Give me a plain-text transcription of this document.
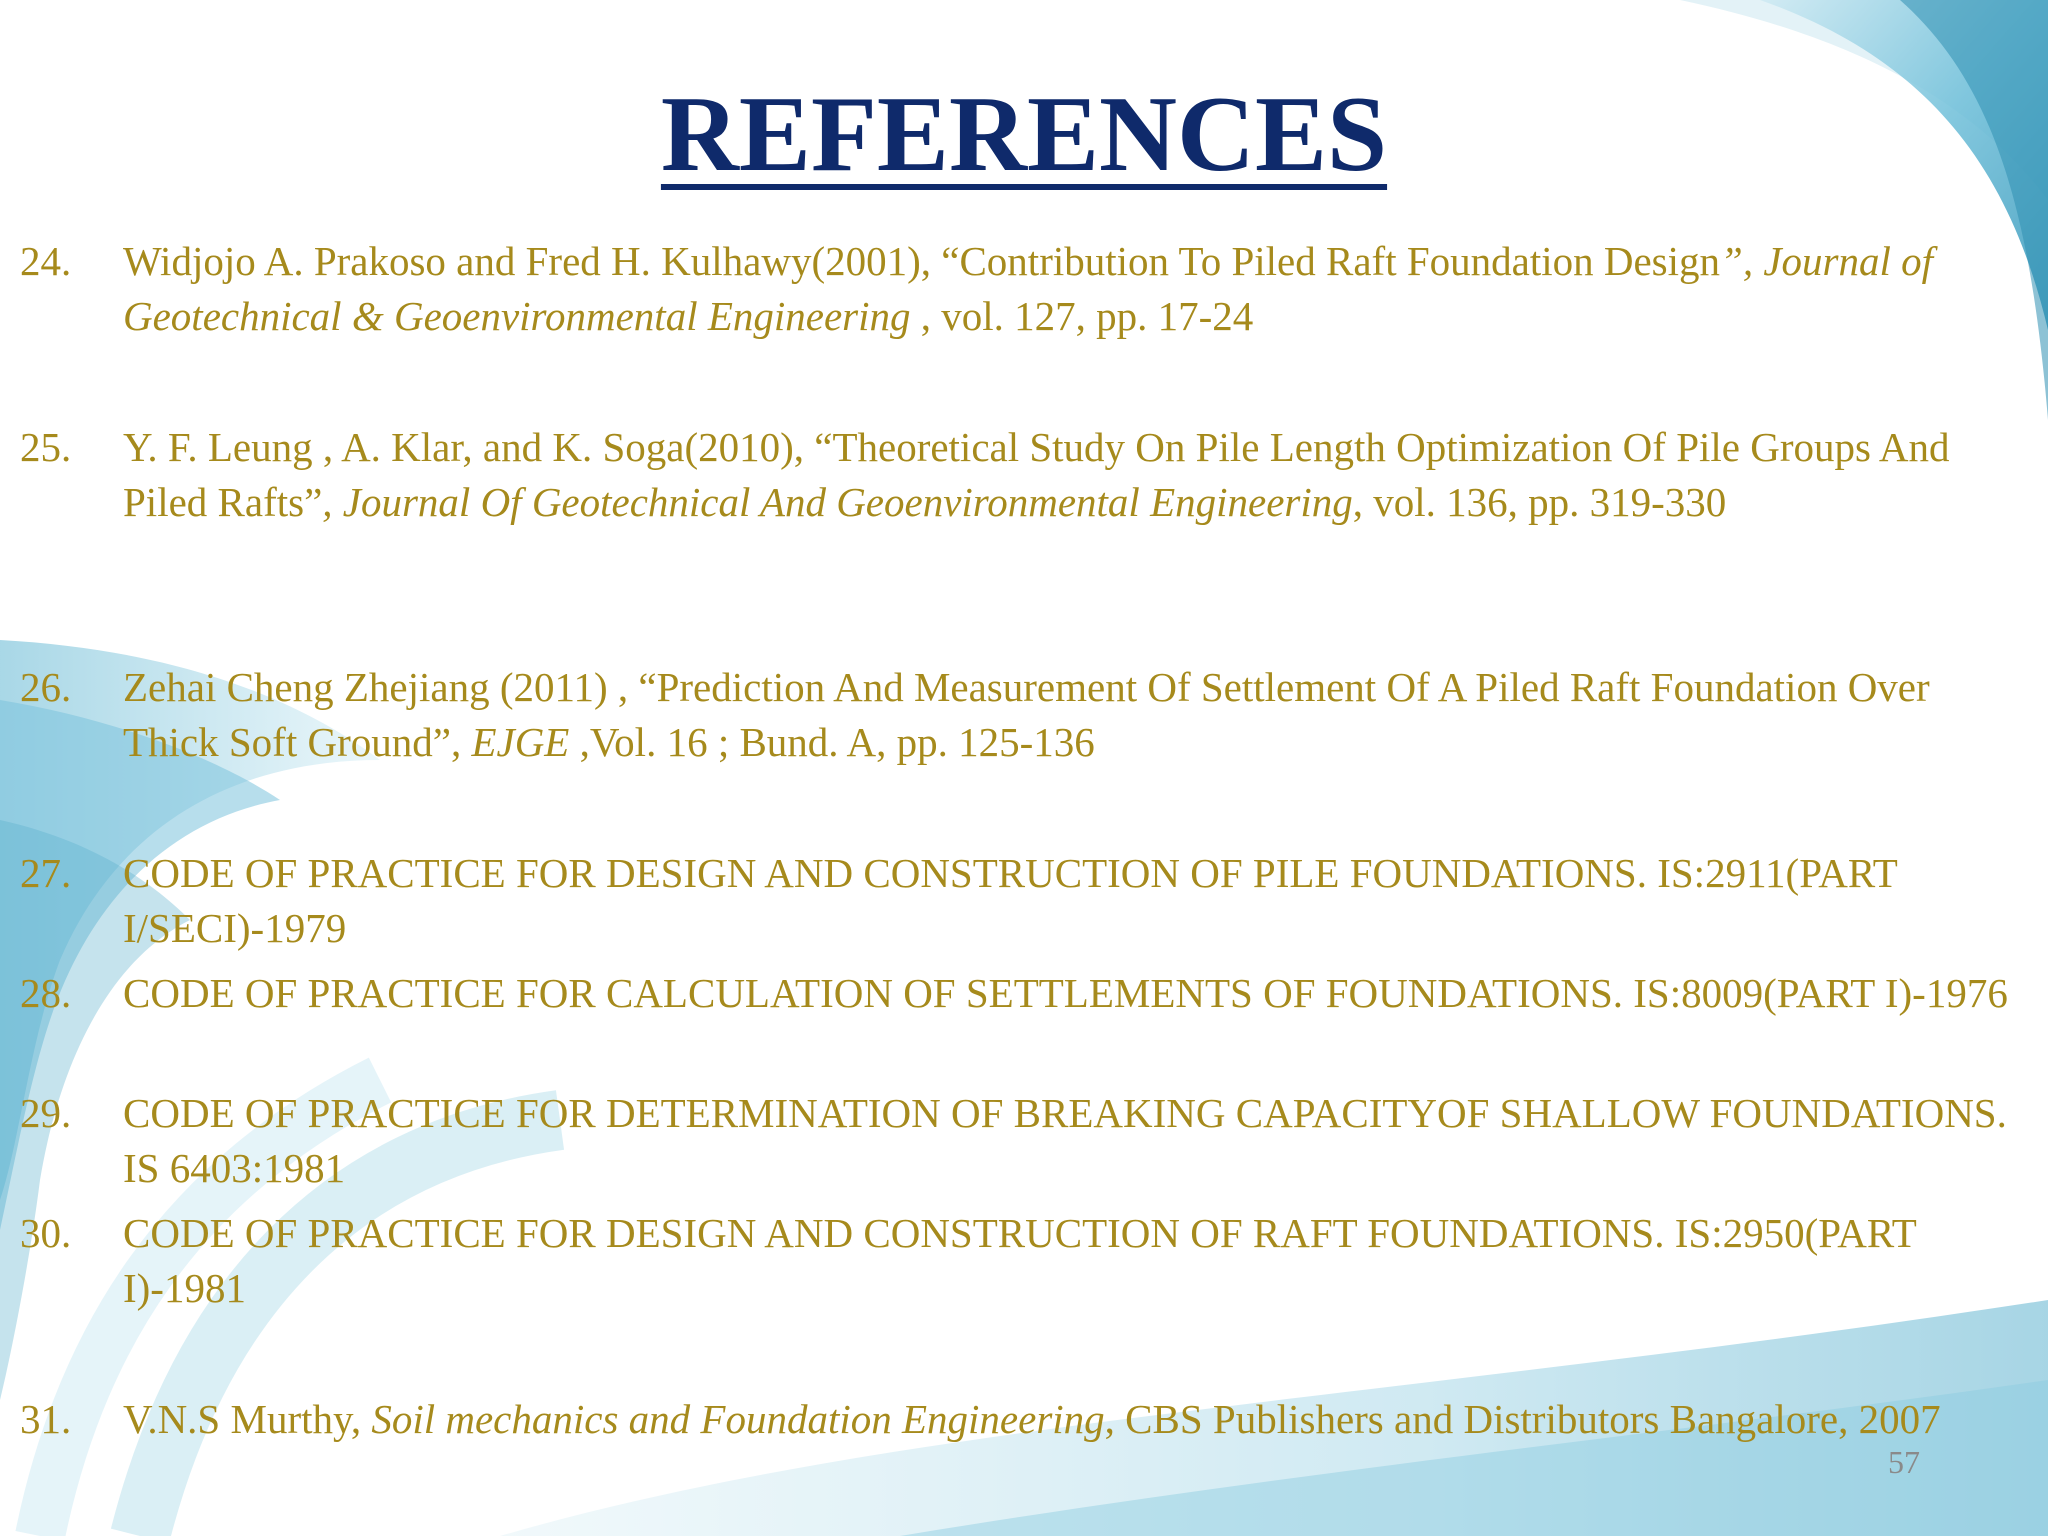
REFERENCES
24. Widjojo A. Prakoso and Fred H. Kulhawy(2001), “Contribution To Piled Raft Foundation Design”, Journal of Geotechnical & Geoenvironmental Engineering , vol. 127, pp. 17-24
25. Y. F. Leung , A. Klar, and K. Soga(2010), “Theoretical Study On Pile Length Optimization Of Pile Groups And Piled Rafts”, Journal Of Geotechnical And Geoenvironmental Engineering, vol. 136, pp. 319-330
26. Zehai Cheng Zhejiang (2011) , “Prediction And Measurement Of Settlement Of A Piled Raft Foundation Over Thick Soft Ground”, EJGE ,Vol. 16 ; Bund. A, pp. 125-136
27. CODE OF PRACTICE FOR DESIGN AND CONSTRUCTION OF PILE FOUNDATIONS. IS:2911(PART I/SECI)-1979
28. CODE OF PRACTICE FOR CALCULATION OF SETTLEMENTS OF FOUNDATIONS. IS:8009(PART I)-1976
29. CODE OF PRACTICE FOR DETERMINATION OF BREAKING CAPACITYOF SHALLOW FOUNDATIONS. IS 6403:1981
30. CODE OF PRACTICE FOR DESIGN AND CONSTRUCTION OF RAFT FOUNDATIONS. IS:2950(PART I)-1981
31. V.N.S Murthy, Soil mechanics and Foundation Engineering, CBS Publishers and Distributors Bangalore, 2007
57
